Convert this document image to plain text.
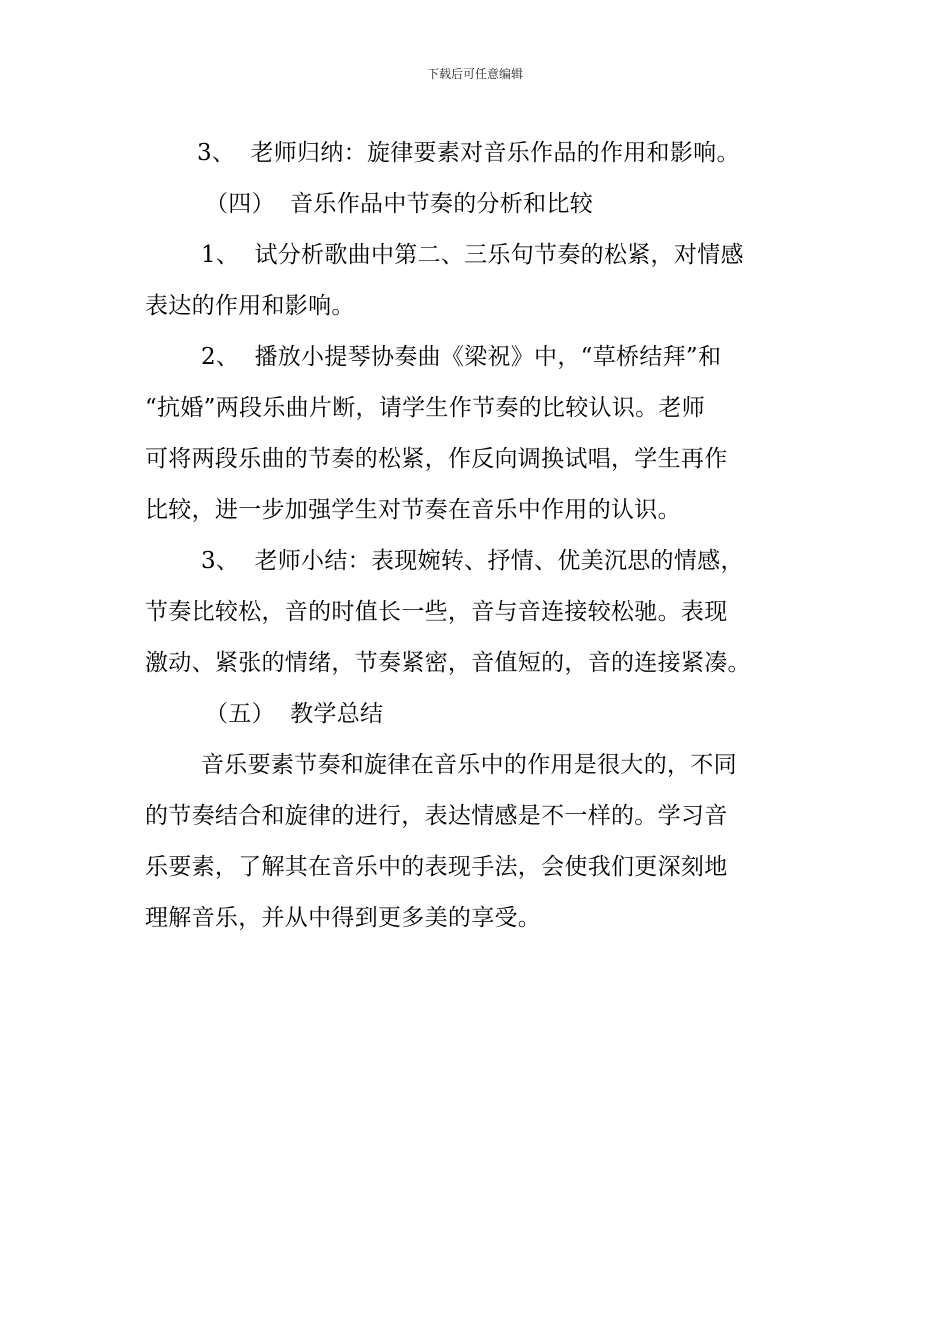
下载后可任意编辑
3、  老师归纳：旋律要素对音乐作品的作用和影响。
（四）  音乐作品中节奏的分析和比较
1、  试分析歌曲中第二、三乐句节奏的松紧，对情感
表达的作用和影响。
2、  播放小提琴协奏曲《梁祝》中，“草桥结拜”和
“抗婚”两段乐曲片断，请学生作节奏的比较认识。老师
可将两段乐曲的节奏的松紧，作反向调换试唱，学生再作
比较，进一步加强学生对节奏在音乐中作用的认识。
3、  老师小结：表现婉转、抒情、优美沉思的情感，
节奏比较松，音的时值长一些，音与音连接较松驰。表现
激动、紧张的情绪，节奏紧密，音值短的，音的连接紧凑。
（五）  教学总结
音乐要素节奏和旋律在音乐中的作用是很大的，不同
的节奏结合和旋律的进行，表达情感是不一样的。学习音
乐要素，了解其在音乐中的表现手法，会使我们更深刻地
理解音乐，并从中得到更多美的享受。
